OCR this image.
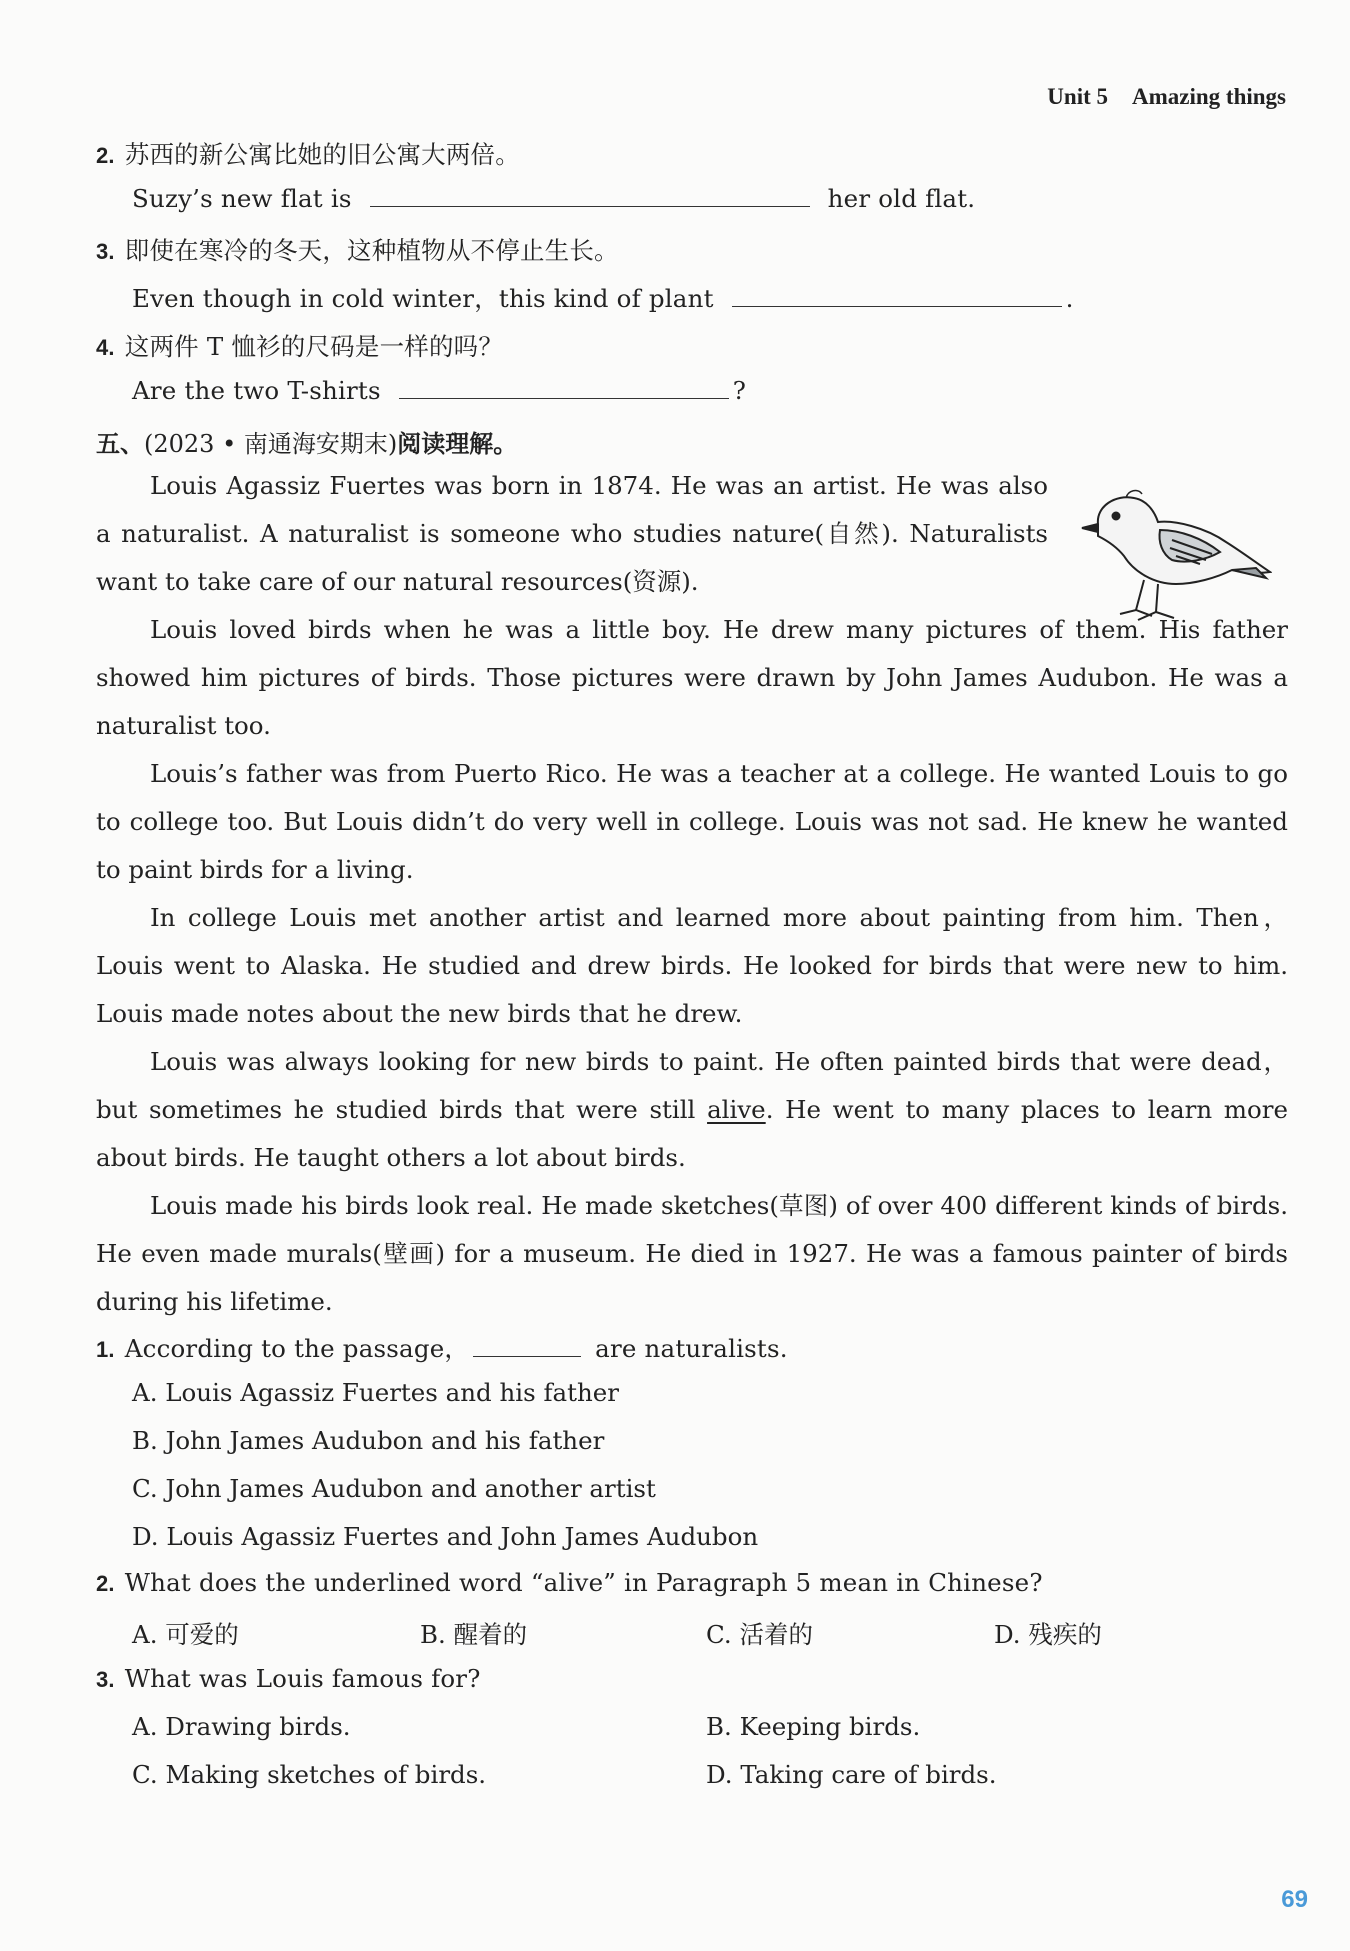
Unit 5 Amazing things
2. 苏西的新公寓比她的旧公寓大两倍。
Suzy’s new flat is	her old flat.
3. 即使在寒冷的冬天，这种植物从不停止生长。
Even though in cold winter，this kind of plant	.
4. 这两件 T 恤衫的尺码是一样的吗？
Are the two T-shirts	?
五、(2023 • 南通海安期末)阅读理解。

Louis Agassiz Fuertes was born in 1874. He was an artist. He was also a naturalist. A naturalist is someone who studies nature(自然). Naturalists want to take care of our natural resources(资源).

Louis loved birds when he was a little boy. He drew many pictures of them. His father showed him pictures of birds. Those pictures were drawn by John James Audubon. He was a naturalist too.

Louis’s father was from Puerto Rico. He was a teacher at a college. He wanted Louis to go to college too. But Louis didn’t do very well in college. Louis was not sad. He knew he wanted to paint birds for a living.

In college Louis met another artist and learned more about painting from him. Then，Louis went to Alaska. He studied and drew birds. He looked for birds that were new to him. Louis made notes about the new birds that he drew.

Louis was always looking for new birds to paint. He often painted birds that were dead，but sometimes he studied birds that were still alive. He went to many places to learn more about birds. He taught others a lot about birds.

Louis made his birds look real. He made sketches(草图) of over 400 different kinds of birds. He even made murals(壁画) for a museum. He died in 1927. He was a famous painter of birds during his lifetime.

1. According to the passage，	are naturalists.
A. Louis Agassiz Fuertes and his father
B. John James Audubon and his father
C. John James Audubon and another artist
D. Louis Agassiz Fuertes and John James Audubon
2. What does the underlined word “alive” in Paragraph 5 mean in Chinese?
A. 可爱的	B. 醒着的	C. 活着的	D. 残疾的
3. What was Louis famous for?
A. Drawing birds.	B. Keeping birds.
C. Making sketches of birds.	D. Taking care of birds.
69
